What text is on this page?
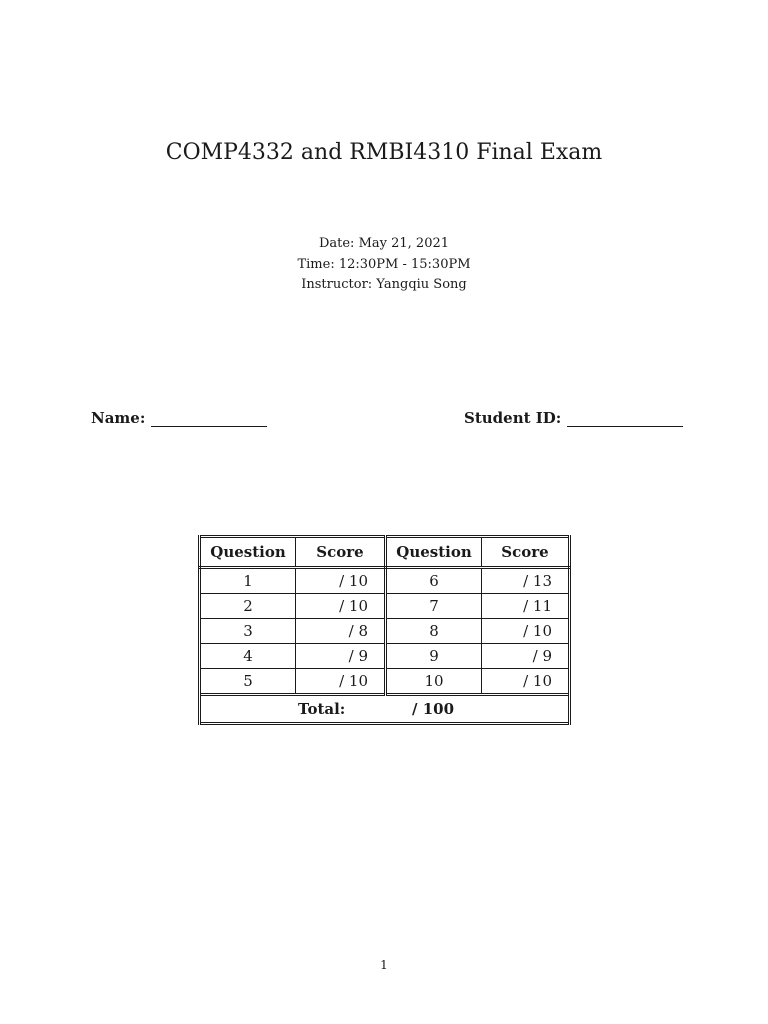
COMP4332 and RMBI4310 Final Exam
Date: May 21, 2021
Time: 12:30PM - 15:30PM
Instructor: Yangqiu Song
Name:	Student ID:
Question	Score	Question	Score
1	/ 10	6	/ 13
2	/ 10	7	/ 11
3	/ 8	8	/ 10
4	/ 9	9	/ 9
5	/ 10	10	/ 10
Total: / 100			
1
